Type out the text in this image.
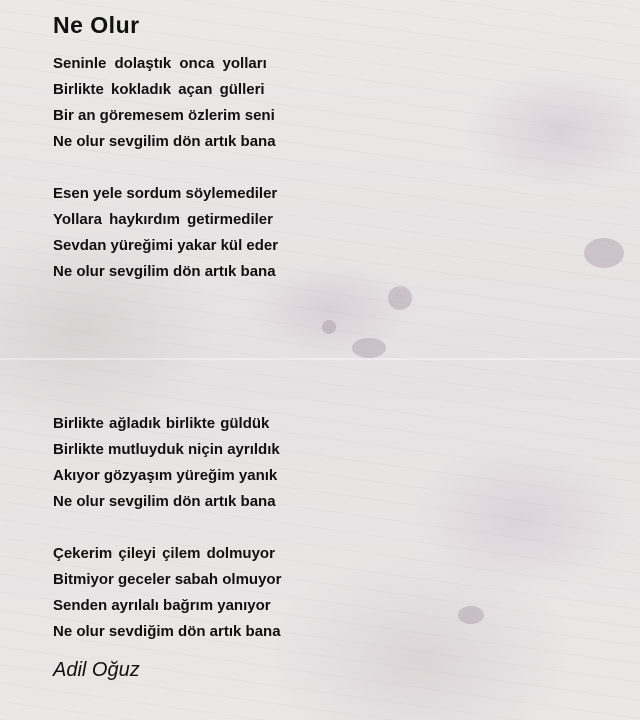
Ne Olur
Seninle dolaştık onca yolları
Birlikte kokladık açan gülleri
Bir an göremesem özlerim seni
Ne olur sevgilim dön artık bana
Esen yele sordum söylemediler
Yollara haykırdım getirmediler
Sevdan yüreğimi yakar kül eder
Ne olur sevgilim dön artık bana
Birlikte ağladık birlikte güldük
Birlikte mutluyduk niçin ayrıldık
Akıyor gözyaşım yüreğim yanık
Ne olur sevgilim dön artık bana
Çekerim çileyi çilem dolmuyor
Bitmiyor geceler sabah olmuyor
Senden ayrılalı bağrım yanıyor
Ne olur sevdiğim dön artık bana
Adil Oğuz
